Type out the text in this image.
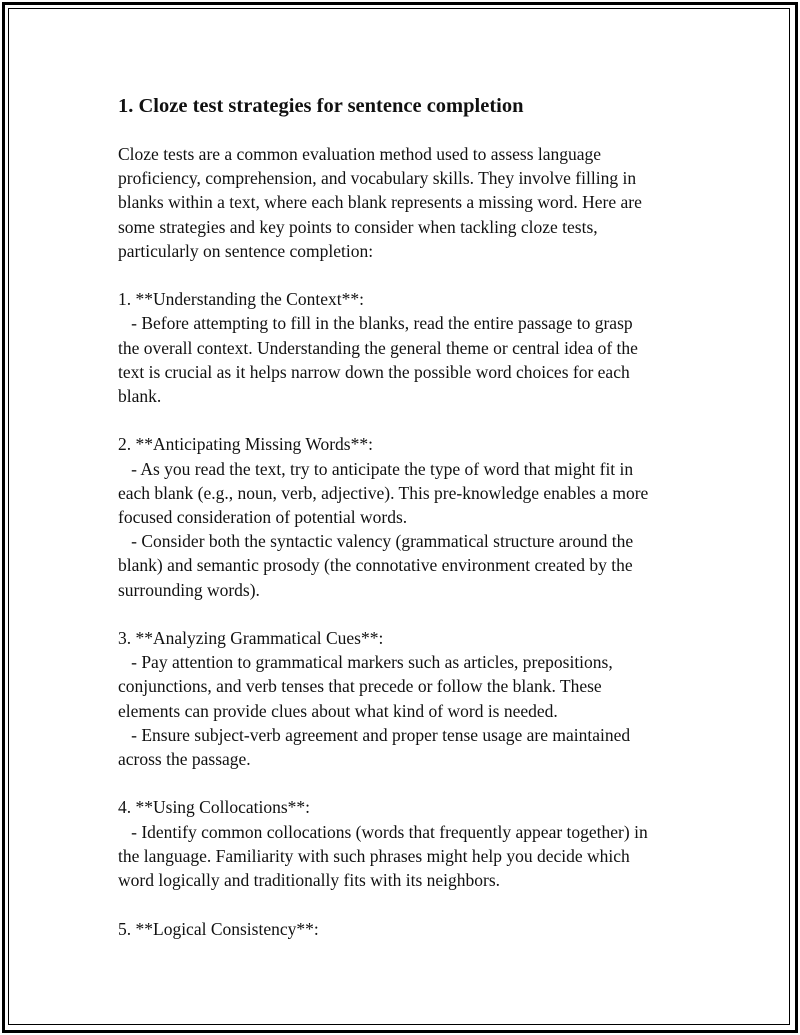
1. Cloze test strategies for sentence completion
Cloze tests are a common evaluation method used to assess language
proficiency, comprehension, and vocabulary skills. They involve filling in
blanks within a text, where each blank represents a missing word. Here are
some strategies and key points to consider when tackling cloze tests,
particularly on sentence completion:

1. **Understanding the Context**:
- Before attempting to fill in the blanks, read the entire passage to grasp
the overall context. Understanding the general theme or central idea of the
text is crucial as it helps narrow down the possible word choices for each
blank.

2. **Anticipating Missing Words**:
- As you read the text, try to anticipate the type of word that might fit in
each blank (e.g., noun, verb, adjective). This pre-knowledge enables a more
focused consideration of potential words.
- Consider both the syntactic valency (grammatical structure around the
blank) and semantic prosody (the connotative environment created by the
surrounding words).

3. **Analyzing Grammatical Cues**:
- Pay attention to grammatical markers such as articles, prepositions,
conjunctions, and verb tenses that precede or follow the blank. These
elements can provide clues about what kind of word is needed.
- Ensure subject-verb agreement and proper tense usage are maintained
across the passage.

4. **Using Collocations**:
- Identify common collocations (words that frequently appear together) in
the language. Familiarity with such phrases might help you decide which
word logically and traditionally fits with its neighbors.

5. **Logical Consistency**:
